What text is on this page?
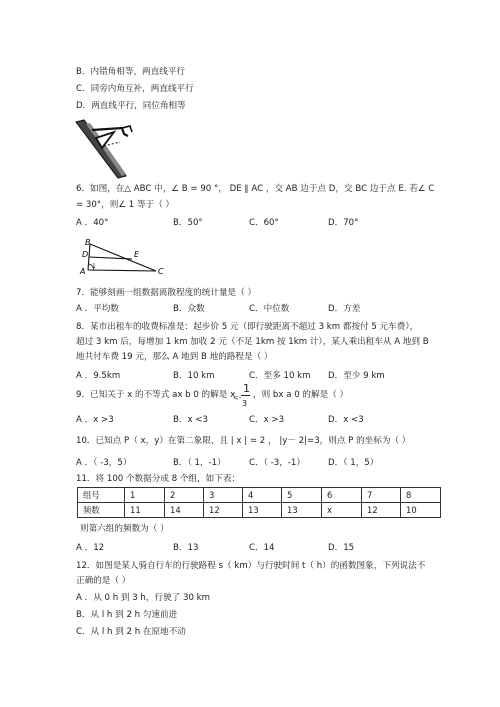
B．内错角相等，两直线平行
C．同旁内角互补，两直线平行
D．两直线平行，同位角相等
6．如图，在△ ABC 中，∠ B = 90 °， DE ∥ AC ，交 AB 边于点 D，交 BC 边于点 E. 若∠ C
= 30°，则∠ 1 等于（ ）
A ．40°	B．50°	C．60°	D．70°
D	E
A
B
C
1
7．能够刻画一组数据离散程度的统计量是（ ）
A ．平均数	B．众数	C．中位数	D．方差
8．某市出租车的收费标准是：起步价 5 元（即行驶距离不超过 3 km 都按付 5 元车费），
超过 3 km 后，每增加 1 km 加收 2 元（不足 1km 按 1km 计），某人乘出租车从 A 地到 B
地共付车费 19 元，那么 A 地到 B 地的路程是（ ）
A ．9.5km	B．10 km	C．至多 10 km D．至少 9 km
9．已知关于 x 的不等式 ax b 0 的解是 x
<-
1
3
，则 bx a 0 的解是（ ）
A ．x >3	B．x <3	C．x >3	D．x <3
10．已知点 P（ x，y）在第二象限，且 | x | = 2 ， |y－ 2|=3，则点 P 的坐标为（ ）
A ．（ -3，5）	B．（ 1，-1）	C．（ -3，-1）	D．（ 1，5）
11．将 100 个数据分成 8 个组，如下表：
组号	1	2	3	4	5	6	7	8
频数	11	14	12	13	13	x	12	10
则第六组的频数为（ ）
A ．12	B．13	C．14	D．15
12．如图是某人骑自行车的行驶路程 s（ km）与行驶时间 t（ h）的函数图象，下列说法不
正确的是（ ）
A ．从 0 h 到 3 h，行驶了 30 km
B．从 l h 到 2 h 匀速前进
C．从 l h 到 2 h 在原地不动
